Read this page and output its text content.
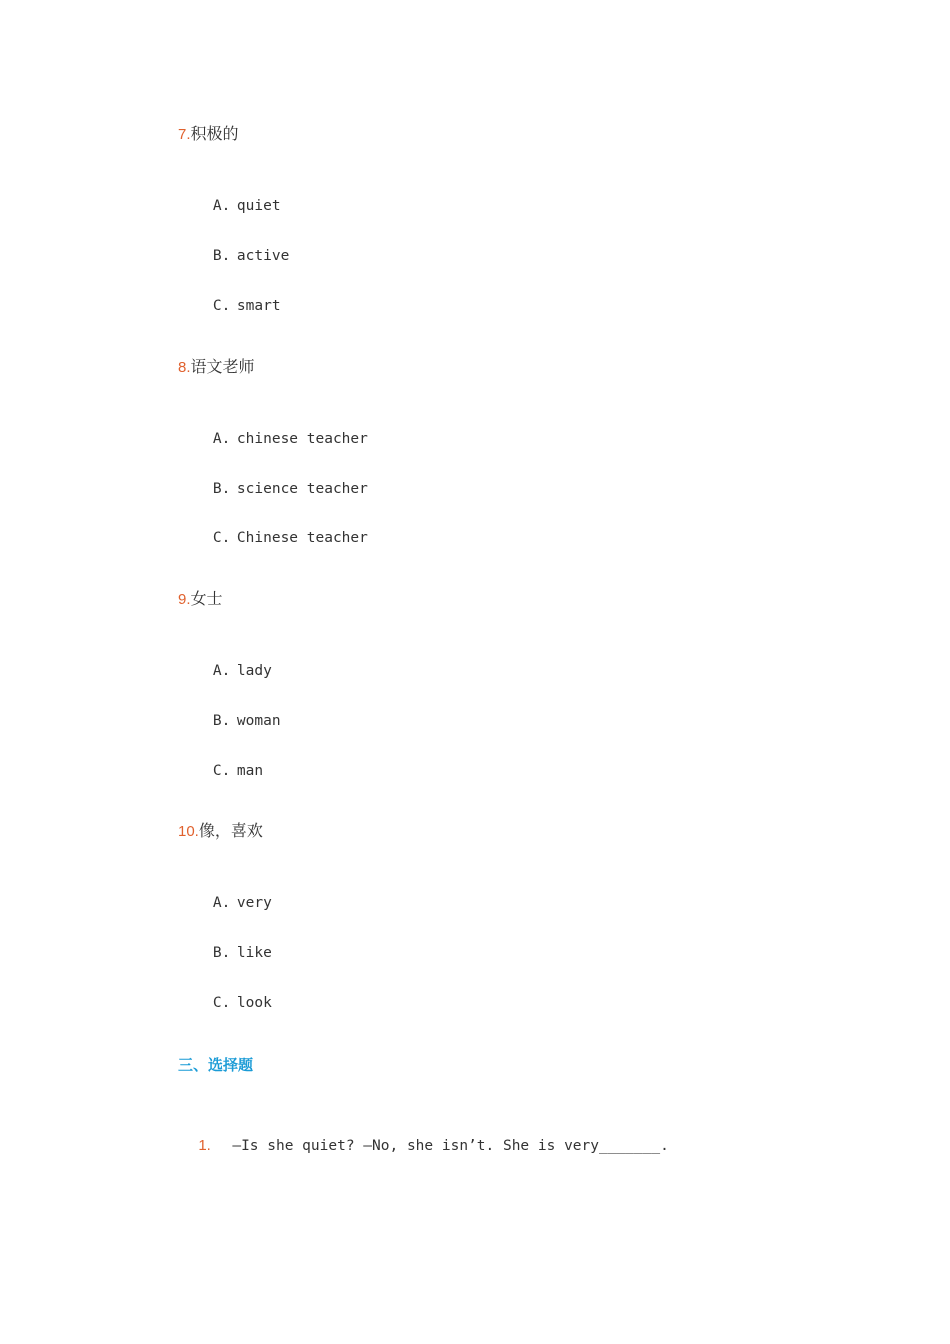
7.积极的

A. quiet

B. active

C. smart

8.语文老师

A. chinese teacher

B. science teacher

C. Chinese teacher

9.女士

A. lady

B. woman

C. man

10.像，喜欢

A. very

B. like

C. look

三、选择题

1. —Is she quiet? —No, she isn’t. She is very_______.
